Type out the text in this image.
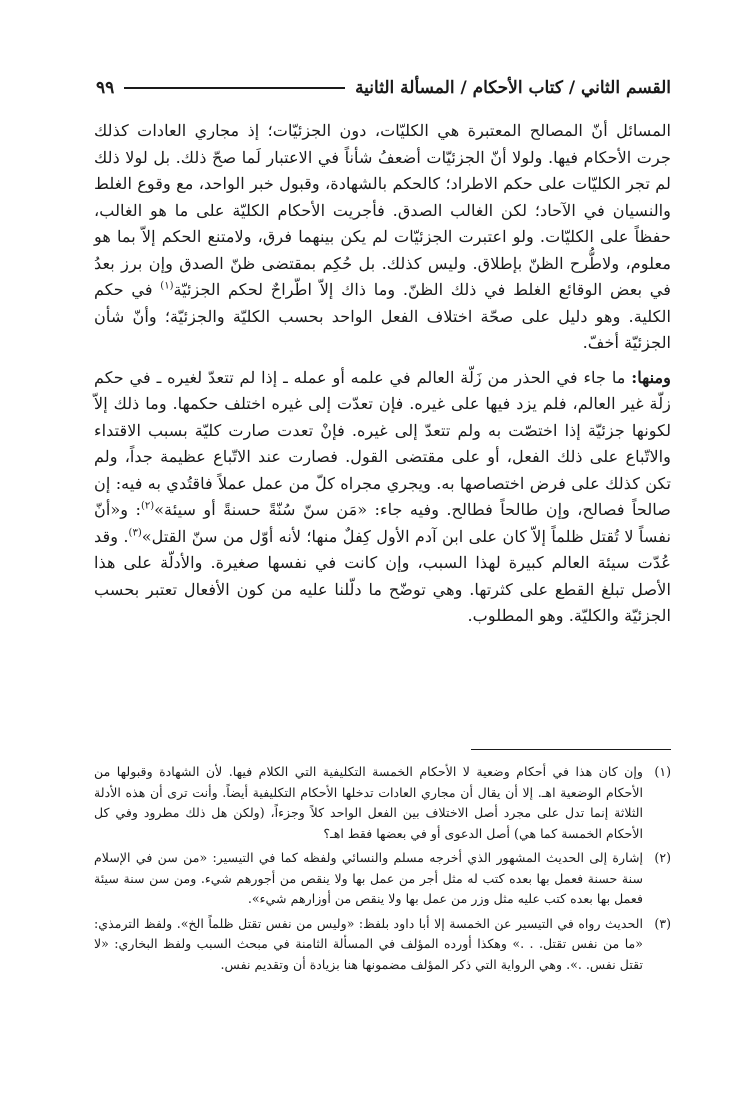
القسم الثاني / كتاب الأحكام / المسألة الثانية
٩٩

المسائل أنّ المصالح المعتبرة هي الكليّات، دون الجزئيّات؛ إذ مجاري العادات كذلك جرت الأحكام فيها. ولولا أنّ الجزئيّات أضعفُ شأناً في الاعتبار لَما صحّ ذلك. بل لولا ذلك لم تجر الكليّات على حكم الاطراد؛ كالحكم بالشهادة، وقبول خبر الواحد، مع وقوع الغلط والنسيان في الآحاد؛ لكن الغالب الصدق. فأجريت الأحكام الكليّة على ما هو الغالب، حفظاً على الكليّات. ولو اعتبرت الجزئيّات لم يكن بينهما فرق، ولامتنع الحكم إلاّ بما هو معلوم، ولاطُّرح الظنّ بإطلاق. وليس كذلك. بل حُكِم بمقتضى ظنّ الصدق وإن برز بعدُ في بعض الوقائع الغلط في ذلك الظنّ. وما ذاك إلاّ اطّراحٌ لحكم الجزئيّة$^{(١)}$ في حكم الكلية. وهو دليل على صحّة اختلاف الفعل الواحد بحسب الكليّة والجزئيّة؛ وأنّ شأن الجزئيّة أخفّ.

ومنها: ما جاء في الحذر من زَلّة العالم في علمه أو عمله ـ إذا لم تتعدّ لغيره ـ في حكم زلّة غير العالم، فلم يزد فيها على غيره. فإن تعدّت إلى غيره اختلف حكمها. وما ذلك إلاّ لكونها جزئيّة إذا اختصّت به ولم تتعدّ إلى غيره. فإنْ تعدت صارت كليّة بسبب الاقتداء والاتّباع على ذلك الفعل، أو على مقتضى القول. فصارت عند الاتّباع عظيمة جداً، ولم تكن كذلك على فرض اختصاصها به. ويجري مجراه كلّ من عمل عملاً فاقتُدي به فيه: إن صالحاً فصالح، وإن طالحاً فطالح. وفيه جاء: «مَن سنّ سُنّةً حسنةً أو سيئة»$^{(٢)}$: و«أنّ نفساً لا تُقتل ظلماً إلاّ كان على ابن آدم الأول كِفلٌ منها؛ لأنه أوّل من سنّ القتل»$^{(٣)}$. وقد عُدّت سيئة العالم كبيرة لهذا السبب، وإن كانت في نفسها صغيرة. والأدلّة على هذا الأصل تبلغ القطع على كثرتها. وهي توضّح ما دلّلنا عليه من كون الأفعال تعتبر بحسب الجزئيّة والكليّة. وهو المطلوب.

(١)
وإن كان هذا في أحكام وضعية لا الأحكام الخمسة التكليفية التي الكلام فيها. لأن الشهادة وقبولها من الأحكام الوضعية اهـ. إلا أن يقال أن مجاري العادات تدخلها الأحكام التكليفية أيضاً. وأنت ترى أن هذه الأدلة الثلاثة إنما تدل على مجرد أصل الاختلاف بين الفعل الواحد كلاً وجزءاً، (ولكن هل ذلك مطرود وفي كل الأحكام الخمسة كما هي) أصل الدعوى أو في بعضها فقط اهـ؟
(٢)
إشارة إلى الحديث المشهور الذي أخرجه مسلم والنسائي ولفظه كما في التيسير: «من سن في الإسلام سنة حسنة فعمل بها بعده كتب له مثل أجر من عمل بها ولا ينقص من أجورهم شيء. ومن سن سنة سيئة فعمل بها بعده كتب عليه مثل وزر من عمل بها ولا ينقص من أوزارهم شيء».
(٣)
الحديث رواه في التيسير عن الخمسة إلا أبا داود بلفظ: «وليس من نفس تقتل ظلماً الخ». ولفظ الترمذي: «ما من نفس تقتل. . .» وهكذا أورده المؤلف في المسألة الثامنة في مبحث السبب ولفظ البخاري: «لا تقتل نفس. .». وهي الرواية التي ذكر المؤلف مضمونها هنا بزيادة أن وتقديم نفس.
